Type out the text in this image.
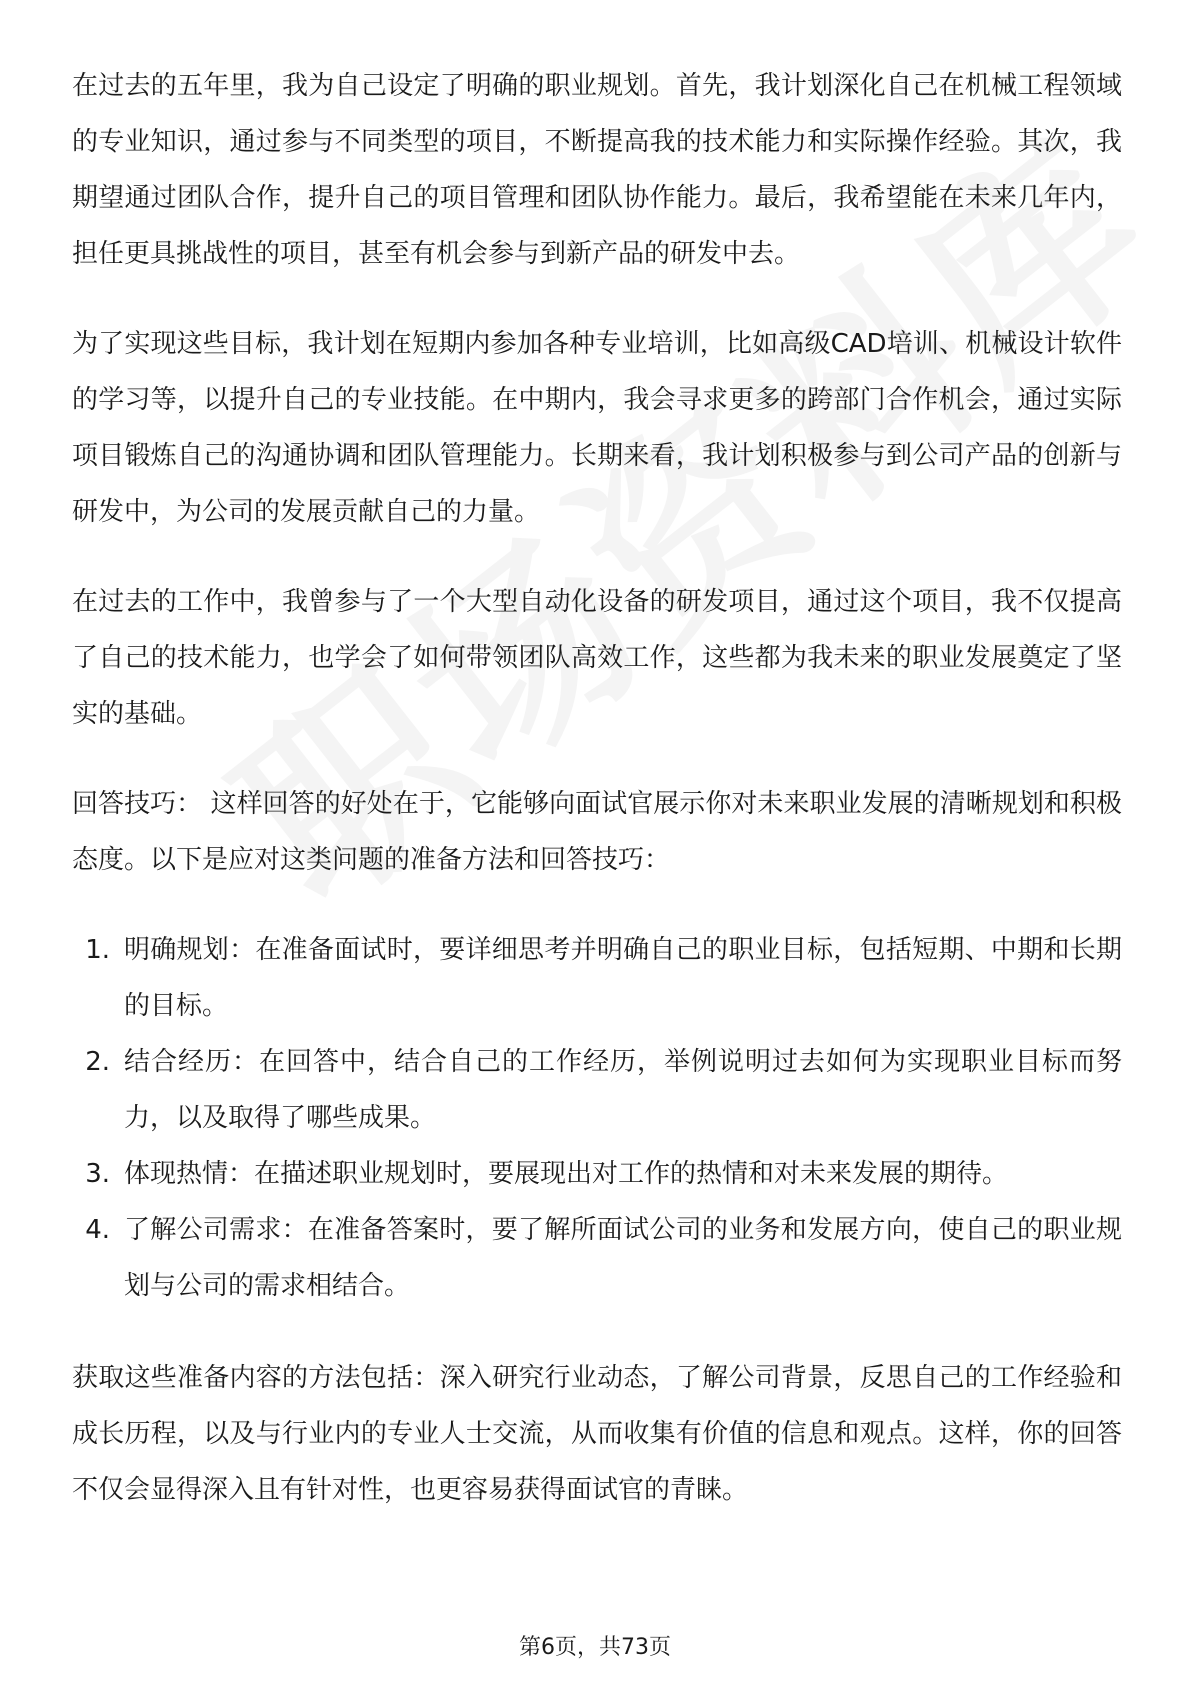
在过去的五年里，我为自己设定了明确的职业规划。首先，我计划深化自己在机械工程领域的专业知识，通过参与不同类型的项目，不断提高我的技术能力和实际操作经验。其次，我期望通过团队合作，提升自己的项目管理和团队协作能力。最后，我希望能在未来几年内，担任更具挑战性的项目，甚至有机会参与到新产品的研发中去。

为了实现这些目标，我计划在短期内参加各种专业培训，比如高级CAD培训、机械设计软件的学习等，以提升自己的专业技能。在中期内，我会寻求更多的跨部门合作机会，通过实际项目锻炼自己的沟通协调和团队管理能力。长期来看，我计划积极参与到公司产品的创新与研发中，为公司的发展贡献自己的力量。

在过去的工作中，我曾参与了一个大型自动化设备的研发项目，通过这个项目，我不仅提高了自己的技术能力，也学会了如何带领团队高效工作，这些都为我未来的职业发展奠定了坚实的基础。

回答技巧： 这样回答的好处在于，它能够向面试官展示你对未来职业发展的清晰规划和积极态度。以下是应对这类问题的准备方法和回答技巧：

1. 明确规划：在准备面试时，要详细思考并明确自己的职业目标，包括短期、中期和长期的目标。
2. 结合经历：在回答中，结合自己的工作经历，举例说明过去如何为实现职业目标而努力，以及取得了哪些成果。
3. 体现热情：在描述职业规划时，要展现出对工作的热情和对未来发展的期待。
4. 了解公司需求：在准备答案时，要了解所面试公司的业务和发展方向，使自己的职业规划与公司的需求相结合。

获取这些准备内容的方法包括：深入研究行业动态，了解公司背景，反思自己的工作经验和成长历程，以及与行业内的专业人士交流，从而收集有价值的信息和观点。这样，你的回答不仅会显得深入且有针对性，也更容易获得面试官的青睐。

第6页，共73页
